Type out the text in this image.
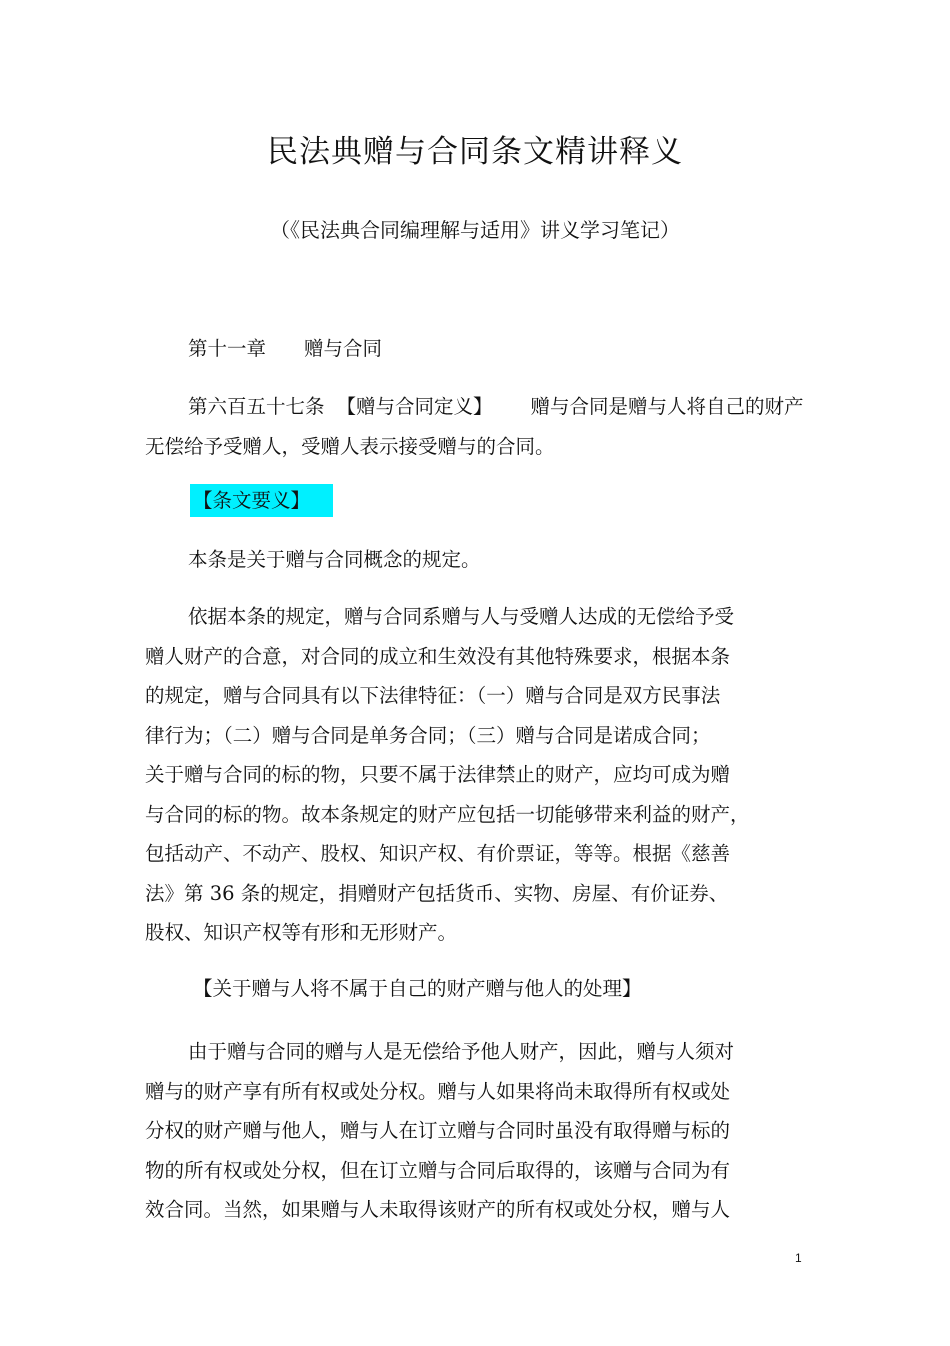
民法典赠与合同条文精讲释义
（《民法典合同编理解与适用》讲义学习笔记）
第十一章 赠与合同

第六百五十七条 【赠与合同定义】 赠与合同是赠与人将自己的财产无偿给予受赠人，受赠人表示接受赠与的合同。

【条文要义】

本条是关于赠与合同概念的规定。

依据本条的规定，赠与合同系赠与人与受赠人达成的无偿给予受
赠人财产的合意，对合同的成立和生效没有其他特殊要求，根据本条
的规定，赠与合同具有以下法律特征：（一）赠与合同是双方民事法
律行为；（二）赠与合同是单务合同；（三）赠与合同是诺成合同；
关于赠与合同的标的物，只要不属于法律禁止的财产，应均可成为赠
与合同的标的物。故本条规定的财产应包括一切能够带来利益的财产，
包括动产、不动产、股权、知识产权、有价票证，等等。根据《慈善
法》第 36 条的规定，捐赠财产包括货币、实物、房屋、有价证券、
股权、知识产权等有形和无形财产。

【关于赠与人将不属于自己的财产赠与他人的处理】

由于赠与合同的赠与人是无偿给予他人财产，因此，赠与人须对
赠与的财产享有所有权或处分权。赠与人如果将尚未取得所有权或处
分权的财产赠与他人，赠与人在订立赠与合同时虽没有取得赠与标的
物的所有权或处分权，但在订立赠与合同后取得的，该赠与合同为有
效合同。当然，如果赠与人未取得该财产的所有权或处分权，赠与人
1
